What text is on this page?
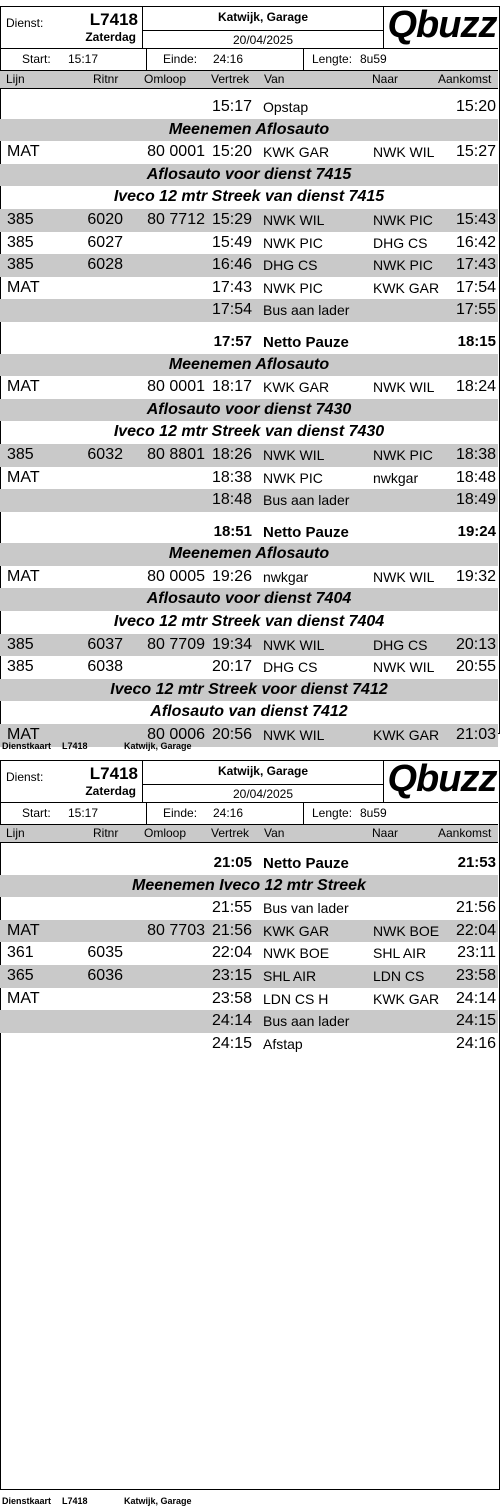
Dienst:	L7418
Zaterdag
Katwijk, Garage
20/04/2025	Qbuzz
Start: 15:17	Einde: 24:16	Lengte: 8u59
Lijn	Ritnr Omloop Vertrek Van	Naar	Aankomst
15:17 Opstap	15:20
Meenemen Aflosauto
MAT	80 0001 15:20 KWK GAR	NWK WIL 15:27
Aflosauto voor dienst 7415
Iveco 12 mtr Streek van dienst 7415
385	6020 80 7712 15:29 NWK WIL	NWK PIC 15:43
385	6027	15:49 NWK PIC	DHG CS 16:42
385	6028	16:46 DHG CS	NWK PIC 17:43
MAT	17:43 NWK PIC	KWK GAR 17:54
17:54 Bus aan lader	17:55
17:57 Netto Pauze	18:15
Meenemen Aflosauto
MAT	80 0001 18:17 KWK GAR	NWK WIL 18:24
Aflosauto voor dienst 7430
Iveco 12 mtr Streek van dienst 7430
385	6032 80 8801 18:26 NWK WIL	NWK PIC 18:38
MAT	18:38 NWK PIC	nwkgar 18:48
18:48 Bus aan lader	18:49
18:51 Netto Pauze	19:24
Meenemen Aflosauto
MAT	80 0005 19:26 nwkgar	NWK WIL 19:32
Aflosauto voor dienst 7404
Iveco 12 mtr Streek van dienst 7404
385	6037 80 7709 19:34 NWK WIL	DHG CS 20:13
385	6038	20:17 DHG CS	NWK WIL 20:55
Iveco 12 mtr Streek voor dienst 7412
Aflosauto van dienst 7412
MAT	80 0006 20:56 NWK WIL	KWK GAR 21:03
Dienstkaart L7418	Katwijk, Garage
Dienst:	L7418
Zaterdag
Katwijk, Garage
20/04/2025	Qbuzz
Start: 15:17	Einde: 24:16	Lengte: 8u59
Lijn	Ritnr Omloop Vertrek Van	Naar	Aankomst
21:05 Netto Pauze	21:53
Meenemen Iveco 12 mtr Streek
21:55 Bus van lader	21:56
MAT	80 7703 21:56 KWK GAR	NWK BOE 22:04
361	6035	22:04 NWK BOE	SHL AIR 23:11
365	6036	23:15 SHL AIR	LDN CS 23:58
MAT	23:58 LDN CS H	KWK GAR 24:14
24:14 Bus aan lader	24:15
24:15 Afstap	24:16
Dienstkaart L7418	Katwijk, Garage
